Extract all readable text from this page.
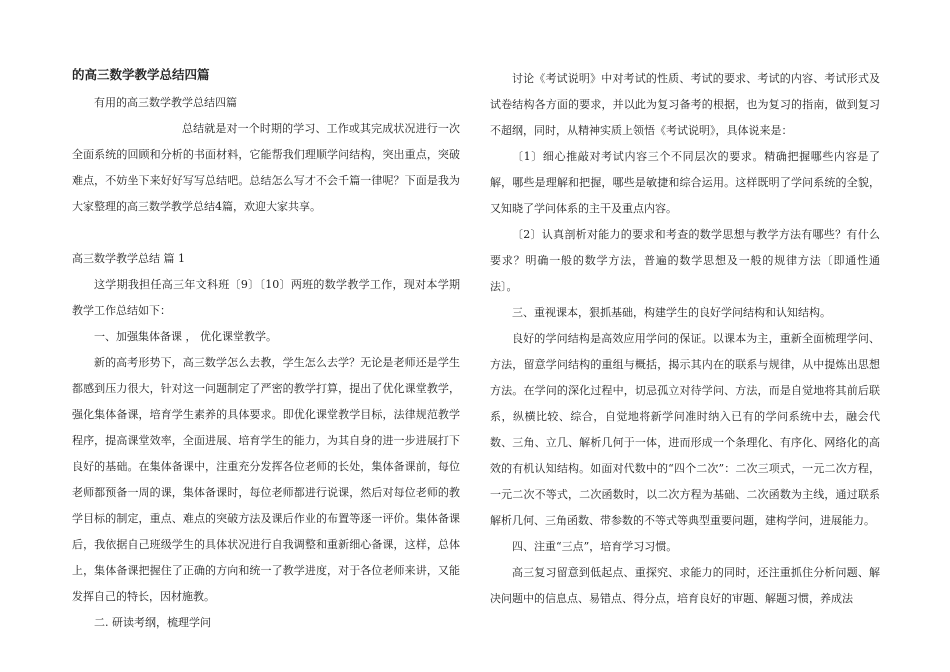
的高三数学教学总结四篇

有用的高三数学教学总结四篇

总结就是对一个时期的学习、工作或其完成状况进行一次全面系统的回顾和分析的书面材料，它能帮我们理顺学问结构，突出重点，突破难点，不妨坐下来好好写写总结吧。总结怎么写才不会千篇一律呢？下面是我为大家整理的高三数学教学总结4篇，欢迎大家共享。

高三数学教学总结 篇 1

这学期我担任高三年文科班〔9〕〔10〕两班的数学教学工作，现对本学期教学工作总结如下：

一、加强集体备课 ， 优化课堂教学。

新的高考形势下，高三数学怎么去教，学生怎么去学？无论是老师还是学生都感到压力很大，针对这一问题制定了严密的教学打算，提出了优化课堂教学，强化集体备课，培育学生素养的具体要求。即优化课堂教学目标，法律规范教学程序，提高课堂效率，全面进展、培育学生的能力，为其自身的进一步进展打下良好的基础。在集体备课中，注重充分发挥各位老师的长处，集体备课前，每位老师都预备一周的课，集体备课时，每位老师都进行说课，然后对每位老师的教学目标的制定，重点、难点的突破方法及课后作业的布置等逐一评价。集体备课后，我依据自己班级学生的具体状况进行自我调整和重新细心备课，这样，总体上，集体备课把握住了正确的方向和统一了教学进度，对于各位老师来讲，又能发挥自己的特长，因材施教。

二. 研读考纲，梳理学问

讨论《考试说明》中对考试的性质、考试的要求、考试的内容、考试形式及试卷结构各方面的要求，并以此为复习备考的根据，也为复习的指南，做到复习不超纲，同时，从精神实质上领悟《考试说明》，具体说来是：

〔1〕细心推敲对考试内容三个不同层次的要求。精确把握哪些内容是了解，哪些是理解和把握，哪些是敏捷和综合运用。这样既明了学问系统的全貌，又知晓了学问体系的主干及重点内容。

〔2〕认真剖析对能力的要求和考查的数学思想与教学方法有哪些？有什么要求？明确一般的数学方法，普遍的数学思想及一般的规律方法〔即通性通法〕。

三、重视课本，狠抓基础，构建学生的良好学问结构和认知结构。

良好的学问结构是高效应用学问的保证。以课本为主，重新全面梳理学问、方法，留意学问结构的重组与概括，揭示其内在的联系与规律，从中提炼出思想方法。在学问的深化过程中，切忌孤立对待学问、方法，而是自觉地将其前后联系，纵横比较、综合，自觉地将新学问准时纳入已有的学问系统中去，融会代数、三角、立几、解析几何于一体，进而形成一个条理化、有序化、网络化的高效的有机认知结构。如面对代数中的“四个二次”：二次三项式，一元二次方程，一元二次不等式，二次函数时，以二次方程为基础、二次函数为主线，通过联系解析几何、三角函数、带参数的不等式等典型重要问题，建构学问，进展能力。

四、注重“三点”，培育学习习惯。

高三复习留意到低起点、重探究、求能力的同时，还注重抓住分析问题、解决问题中的信息点、易错点、得分点，培育良好的审题、解题习惯，养成法
